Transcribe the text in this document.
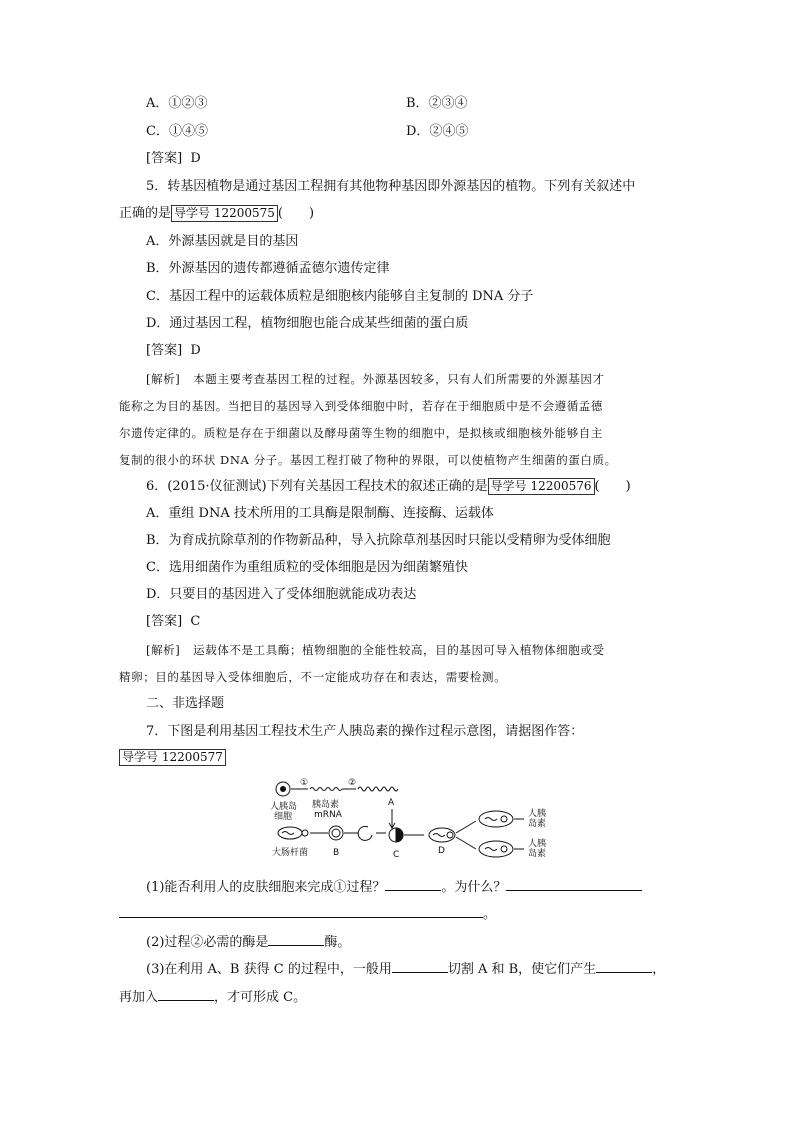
A．①②③	B．②③④
C．①④⑤	D．②④⑤
[答案] D
5．转基因植物是通过基因工程拥有其他物种基因即外源基因的植物。下列有关叙述中
正确的是 导学号 12200575 (　　)
A．外源基因就是目的基因
B．外源基因的遗传都遵循孟德尔遗传定律
C．基因工程中的运载体质粒是细胞核内能够自主复制的 DNA 分子
D．通过基因工程，植物细胞也能合成某些细菌的蛋白质
[答案] D
[解析] 本题主要考查基因工程的过程。外源基因较多，只有人们所需要的外源基因才
能称之为目的基因。当把目的基因导入到受体细胞中时，若存在于细胞质中是不会遵循孟德
尔遗传定律的。质粒是存在于细菌以及酵母菌等生物的细胞中，是拟核或细胞核外能够自主
复制的很小的环状 DNA 分子。基因工程打破了物种的界限，可以使植物产生细菌的蛋白质。
6．(2015·仪征测试)下列有关基因工程技术的叙述正确的是 导学号 12200576 (　　)
A．重组 DNA 技术所用的工具酶是限制酶、连接酶、运载体
B．为育成抗除草剂的作物新品种，导入抗除草剂基因时只能以受精卵为受体细胞
C．选用细菌作为重组质粒的受体细胞是因为细菌繁殖快
D．只要目的基因进入了受体细胞就能成功表达
[答案] C
[解析] 运载体不是工具酶；植物细胞的全能性较高，目的基因可导入植物体细胞或受
精卵；目的基因导入受体细胞后，不一定能成功存在和表达，需要检测。
二、非选择题
7．下图是利用基因工程技术生产人胰岛素的操作过程示意图，请据图作答：
导学号 12200577
①	②
A
人胰岛
细胞
胰岛素
mRNA
大肠杆菌	B	C	D
人胰
岛素
人胰
岛素
(1)能否利用人的皮肤细胞来完成①过程？	。为什么？
。
(2)过程②必需的酶是	酶。
(3)在利用 A、B 获得 C 的过程中，一般用	切割 A 和 B，使它们产生	，
再加入	，才可形成 C。
